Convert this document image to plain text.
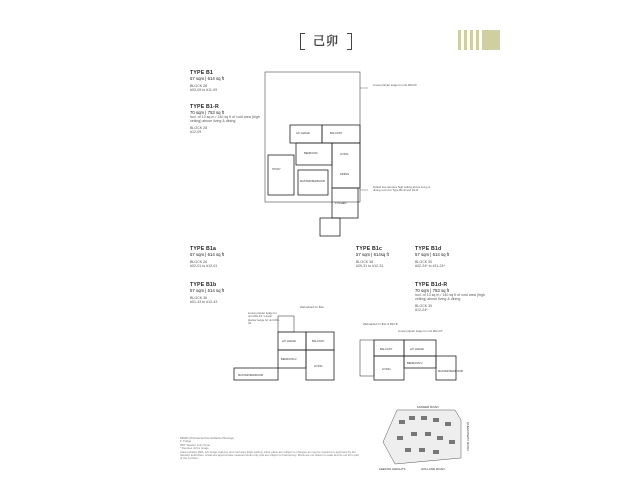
己卯
TYPE B1
57 sqm | 614 sq ft
BLOCK 28
#03-09 to #11-09
TYPE B1-R
70 sqm | 753 sq ft
Incl. of 13 sq m / 140 sq ft of void area (high ceiling) above living & dining
BLOCK 28
#12-09	A/C LEDGE	BALCONY
BEDROOM
STUDY
LIVING
DINING
MASTER BEDROOM
KITCHEN
Linear planter ledge for unit #09-09
Dotted line denotes high ceiling above living & dining room for Type B1-R and D1-R
TYPE B1a
57 sqm | 614 sq ft
BLOCK 26
#02-01 to #12-01
TYPE B1b
57 sqm | 614 sq ft
BLOCK 36
#01-43 to #12-43
TYPE B1c
57 sqm | 614sq ft
BLOCK 38
#29-31 to #12-31
TYPE B1d
57 sqm | 614 sq ft
BLOCK 30
#02-24* to #11-24*
TYPE B1d-R
70 sqm | 753 sq ft
Incl. of 13 sq m / 140 sq ft of void area (high ceiling) above living & dining
BLOCK 30
#12-24*
A/C LEDGE	BALCONY
BEDROOM 2
LIVING
MASTER BEDROOM
Linear planter ledge for unit #01-43 / Linear planter ledge for unit #01-43
Wall added for B1a
BALCONY	A/C LEDGE
LIVING
BEDROOM 2
MASTER BEDROOM
Wall added for B1c & B1d B
Linear planter ledge for unit #02-24*
FARRER ROAD
HOLLAND ROAD
LEEDON HEIGHTS
QUEENSWAY ROAD
DB/ER (Dishwasher/Hood/Washer/Storage)
F: Fridge
WM: Washer Cum Dryer
* Denotes mirror image
Area includes PES, A/C ledge, balcony and void area (high ceiling). Floor plans are subject to changes as may be required or approved by the relevant authorities. Areas are approximate measurements only and are subject to final survey. Plans are not drawn to scale and do not form part of the contract.
